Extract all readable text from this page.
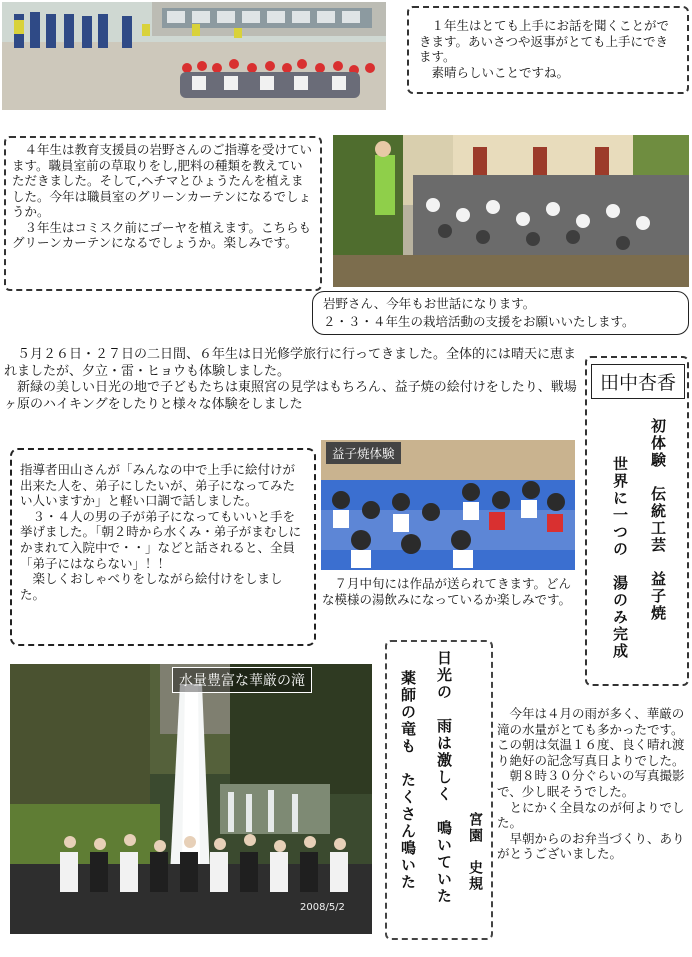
　１年生はとても上手にお話を聞くことができます。あいさつや返事がとても上手にできます。
　素晴らしいことですね。

　４年生は教育支援員の岩野さんのご指導を受けています。職員室前の草取りをし,肥料の種類を教えていただきました。そして,ヘチマとひょうたんを植えました。今年は職員室のグリーンカーテンになるでしょうか。
　３年生はコミスク前にゴーヤを植えます。こちらもグリーンカーテンになるでしょうか。楽しみです。

岩野さん、今年もお世話になります。

２・３・４年生の栽培活動の支援をお願いいたします。

　５月２６日・２７日の二日間、６年生は日光修学旅行に行ってきました。全体的には晴天に恵まれましたが、夕立・雷・ヒョウも体験しました。
　新緑の美しい日光の地で子どもたちは東照宮の見学はもちろん、益子焼の絵付けをしたり、戦場ヶ原のハイキングをしたりと様々な体験をしました

田中杏香
初体験　伝統工芸　益子焼
世界に一つの　湯のみ完成

指導者田山さんが「みんなの中で上手に絵付けが出来た人を、弟子にしたいが、弟子になってみたい人いますか」と軽い口調で話しました。
　３・４人の男の子が弟子になってもいいと手を挙げました。「朝２時から水くみ・弟子がまむしにかまれて入院中で・・」などと話されると、全員「弟子にはならない」！！
　楽しくおしゃべりをしながら絵付けをしました。

益子焼体験

　７月中旬には作品が送られてきます。どんな模様の湯飲みになっているか楽しみです。

2008/5/2
水量豊富な華厳の滝
宮園　史規
日光の　雨は激しく　鳴いていた
薬師の竜も　たくさん鳴いた	　今年は４月の雨が多く、華厳の滝の水量がとても多かったです。この朝は気温１６度、良く晴れ渡り絶好の記念写真日よりでした。
　朝８時３０分ぐらいの写真撮影で、少し眠そうでした。
　とにかく全員なのが何よりでした。
　早朝からのお弁当づくり、ありがとうございました。
